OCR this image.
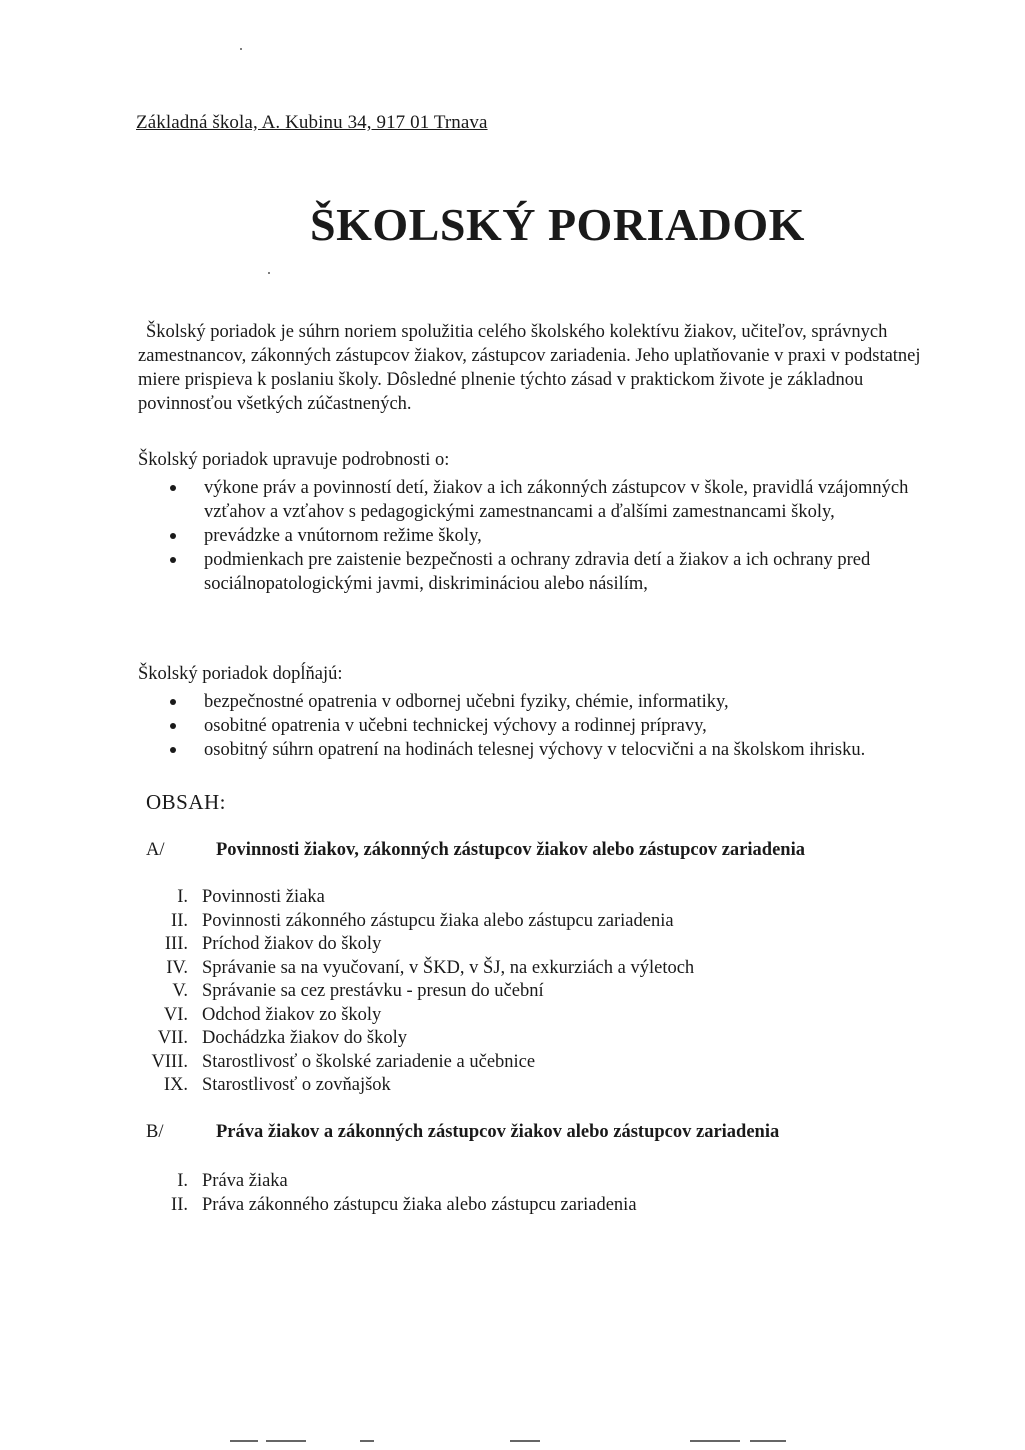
Základná škola, A. Kubinu 34, 917 01 Trnava
ŠKOLSKÝ PORIADOK
Školský poriadok je súhrn noriem spolužitia celého školského kolektívu žiakov, učiteľov, správnych zamestnancov, zákonných zástupcov žiakov, zástupcov zariadenia. Jeho uplatňovanie v praxi v podstatnej miere prispieva k poslaniu školy. Dôsledné plnenie týchto zásad v praktickom živote je základnou povinnosťou všetkých zúčastnených.
Školský poriadok upravuje podrobnosti o:
výkone práv a povinností detí, žiakov a ich zákonných zástupcov v škole, pravidlá vzájomných vzťahov a vzťahov s pedagogickými zamestnancami a ďalšími zamestnancami školy,
prevádzke a vnútornom režime školy,
podmienkach pre zaistenie bezpečnosti a ochrany zdravia detí a žiakov a ich ochrany pred sociálnopatologickými javmi, diskrimináciou alebo násilím,
Školský poriadok dopĺňajú:
bezpečnostné opatrenia v odbornej učebni fyziky, chémie, informatiky,
osobitné opatrenia v učebni technickej výchovy a rodinnej prípravy,
osobitný súhrn opatrení na hodinách telesnej výchovy v telocvični a na školskom ihrisku.
OBSAH:
A/	Povinnosti žiakov, zákonných zástupcov žiakov alebo zástupcov zariadenia
I. Povinnosti žiaka
II. Povinnosti zákonného zástupcu žiaka alebo zástupcu zariadenia
III. Príchod žiakov do školy
IV. Správanie sa na vyučovaní, v ŠKD, v ŠJ, na exkurziách a výletoch
V. Správanie sa cez prestávku - presun do učební
VI. Odchod žiakov zo školy
VII. Dochádzka žiakov do školy
VIII. Starostlivosť o školské zariadenie a učebnice
IX. Starostlivosť o zovňajšok
B/	Práva žiakov a zákonných zástupcov žiakov alebo zástupcov zariadenia
I. Práva žiaka
II. Práva zákonného zástupcu žiaka alebo zástupcu zariadenia
